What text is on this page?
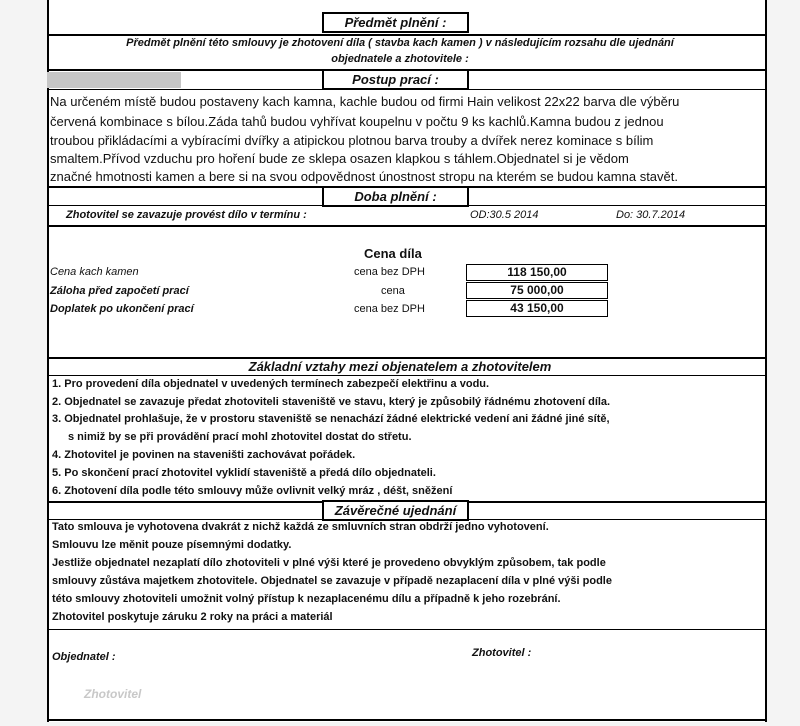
Předmět plnění :
Předmět plnění této smlouvy je zhotovení díla ( stavba kach kamen ) v následujícím rozsahu dle ujednání
objednatele a zhotovitele :
Postup prací :
Na určeném místě budou postaveny kach kamna, kachle budou od firmi Hain velikost 22x22 barva dle výběru
červená kombinace s bílou.Záda tahů budou vyhřívat koupelnu v počtu 9 ks kachlů.Kamna budou z jednou
troubou přikládacími a vybíracími dvířky a atipickou plotnou barva trouby a dvířek nerez kominace s bílim
smaltem.Přívod vzduchu pro hoření bude ze sklepa osazen klapkou s táhlem.Objednatel si je vědom
značné hmotnosti kamen a bere si na svou odpovědnost únostnost stropu na kterém se budou kamna stavět.
Doba plnění :
Zhotovitel se zavazuje provést dílo v termínu :	OD:30.5 2014	Do: 30.7.2014
Cena díla
Cena kach kamen	cena bez DPH	118 150,00
Záloha před započetí prací	cena	75 000,00
Doplatek po ukončení prací	cena bez DPH	43 150,00
Základní vztahy mezi objenatelem a zhotovitelem
1. Pro provedení díla objednatel v uvedených termínech zabezpečí elektřinu a vodu.
2. Objednatel se zavazuje předat zhotoviteli staveniště ve stavu, který je způsobilý řádnému zhotovení díla.
3. Objednatel prohlašuje, že v prostoru staveniště se nenachází žádné elektrické vedení ani žádné jiné sítě,
s nimiž by se při provádění prací mohl zhotovitel dostat do střetu.
4. Zhotovitel je povinen na staveništi zachovávat pořádek.
5. Po skončení prací zhotovitel vyklidí staveniště a předá dílo objednateli.
6. Zhotovení díla podle této smlouvy může ovlivnit velký mráz , déšt, sněžení
Závěrečné ujednání
Tato smlouva je vyhotovena dvakrát z nichž každá ze smluvních stran obdrží jedno vyhotovení.
Smlouvu lze měnit pouze písemnými dodatky.
Jestliže objednatel nezaplatí dílo zhotoviteli v plné výši které je provedeno obvyklým způsobem, tak podle
smlouvy zůstáva majetkem zhotovitele. Objednatel se zavazuje v případě nezaplacení díla v plné výši podle
této smlouvy zhotoviteli umožnit volný přístup k nezaplacenému dílu a případně k jeho rozebrání.
Zhotovitel poskytuje záruku 2 roky na práci a materiál
Objednatel :	Zhotovitel :
Zhotovitel
